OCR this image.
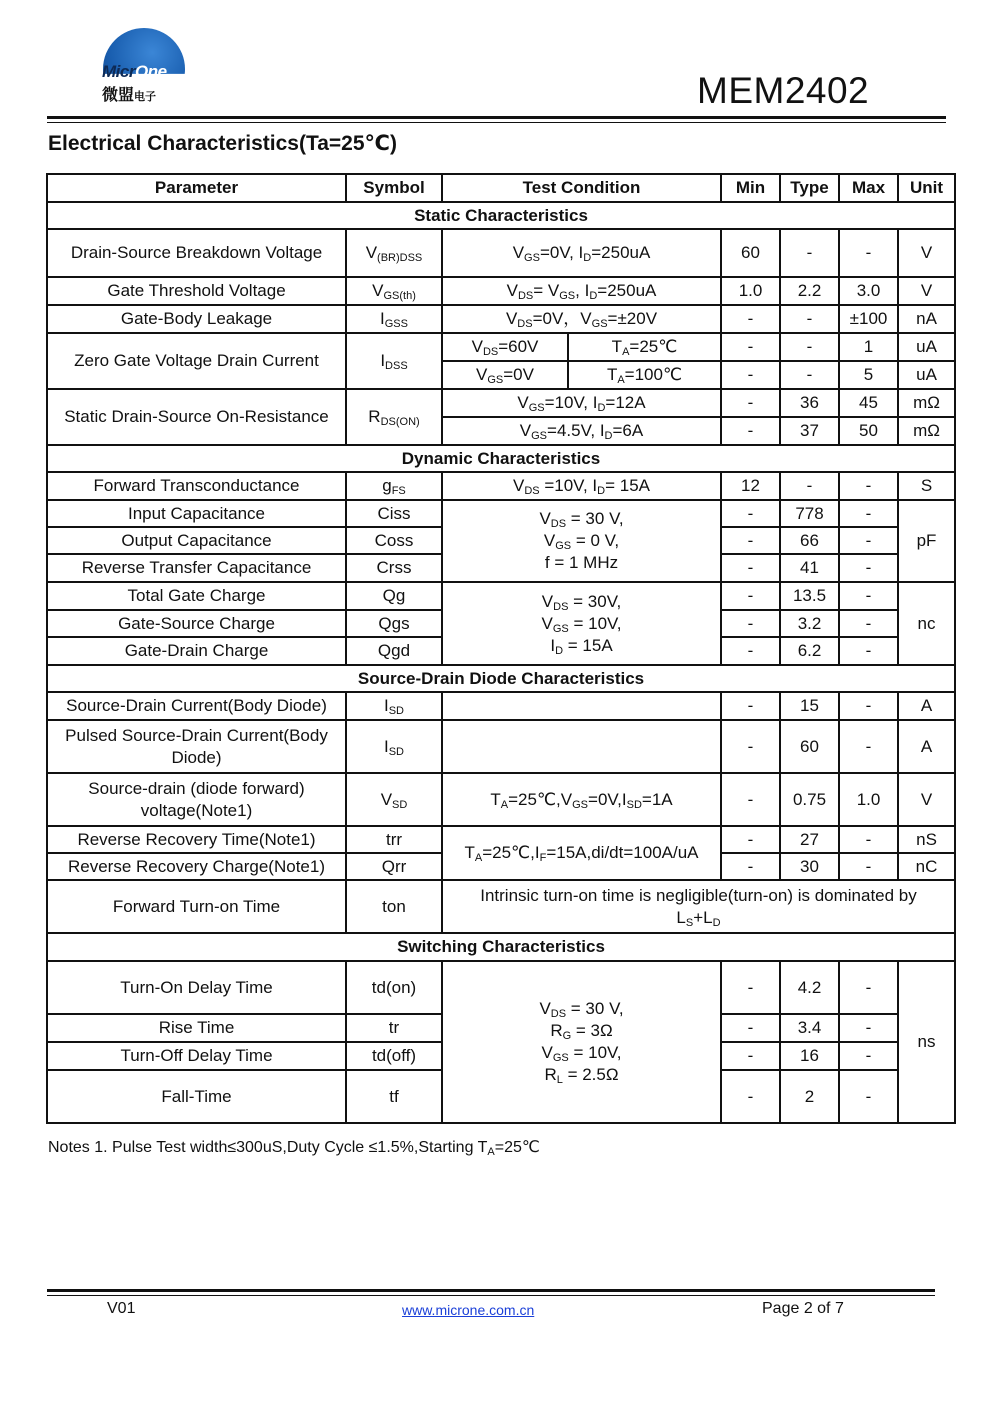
MicrOne
微盟电子	MEM2402
Electrical Characteristics(Ta=25℃)
Parameter	Symbol	Test Condition		Min	Type	Max	Unit
Static Characteristics							
Drain-Source Breakdown Voltage	$V_{(BR)DSS}$	$V_{GS}=0V$, $I_D=250uA$		60	-	-	V
Gate Threshold Voltage	$V_{GS(th)}$	$V_{DS}= V_{GS}$, $I_D=250uA$		1.0	2.2	3.0	V
Gate-Body Leakage	$I_{GSS}$	$V_{DS}=0V$，$V_{GS}=\pm 20V$		-	-	±100	nA
Zero Gate Voltage Drain Current	$I_{DSS}$	$V_{DS}=60V$	$T_A=25℃$	-	-	1	uA
		$V_{GS}=0V$	$T_A=100℃$	-	-	5	uA
Static Drain-Source On-Resistance	$R_{DS(ON)}$	$V_{GS}=10V$, $I_D=12A$		-	36	45	mΩ
		$V_{GS}=4.5V$, $I_D=6A$		-	37	50	mΩ
Dynamic Characteristics							
Forward Transconductance	$g_{FS}$	$V_{DS} =10V$, $I_D= 15A$		12	-	-	S
Input Capacitance	Ciss	$V_{DS} = 30$ V,
$V_{GS} = 0$ V,
f = 1 MHz		-	778	-	pF
Output Capacitance	Coss			-	66	-	
Reverse Transfer Capacitance	Crss			-	41	-	
Total Gate Charge	Qg	$V_{DS} = 30V$,
$V_{GS} = 10V$,
$I_D = 15A$		-	13.5	-	nc
Gate-Source Charge	Qgs			-	3.2	-	
Gate-Drain Charge	Qgd			-	6.2	-	
Source-Drain Diode Characteristics							
Source-Drain Current(Body Diode)	$I_{SD}$			-	15	-	A
Pulsed Source-Drain Current(Body Diode)	$I_{SD}$			-	60	-	A
Source-drain (diode forward) voltage(Note1)	$V_{SD}$	$T_A=25℃,V_{GS}=0V,I_{SD}=1A$		-	0.75	1.0	V
Reverse Recovery Time(Note1)	trr	$T_A=25℃,I_F=15A,di/dt=100A/uA$		-	27	-	nS
Reverse Recovery Charge(Note1)	Qrr			-	30	-	nC
Forward Turn-on Time	ton	Intrinsic turn-on time is negligible(turn-on) is dominated by
$L_S+L_D$
Switching Characteristics							
Turn-On Delay Time	td(on)	$V_{DS} = 30$ V,
$R_G = 3\Omega$
$V_{GS} = 10V$,
$R_L = 2.5\Omega$		-	4.2	-	ns
Rise Time	tr			-	3.4	-	
Turn-Off Delay Time	td(off)			-	16	-	
Fall-Time	tf			-	2	-	
Notes 1. Pulse Test width≤300uS,Duty Cycle ≤1.5%,Starting $T_A=25℃$
V01	www.microne.com.cn	Page 2 of 7
